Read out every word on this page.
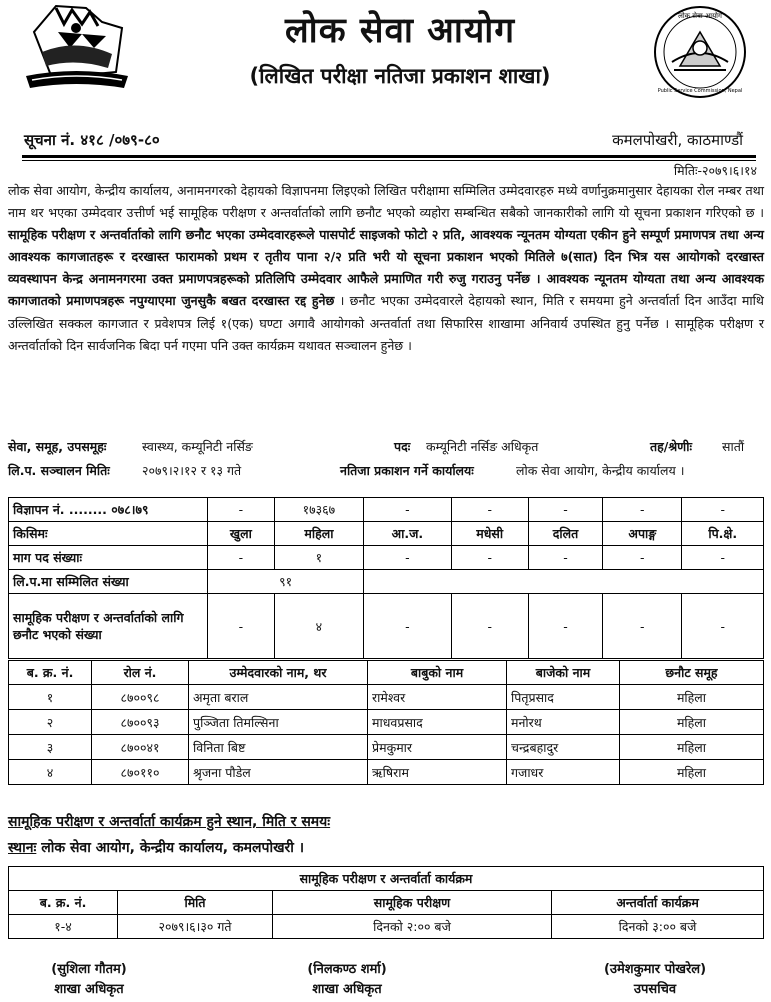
लोक सेवा आयोग
Public Service Commission, Nepal
लोक सेवा आयोग
(लिखित परीक्षा नतिजा प्रकाशन शाखा)
सूचना नं. ४१८ /०७९-८०	कमलपोखरी, काठमाण्डौं
मितिः-२०७९।६।१४
लोक सेवा आयोग, केन्द्रीय कार्यालय, अनामनगरको देहायको विज्ञापनमा लिइएको लिखित परीक्षामा सम्मिलित उम्मेदवारहरु मध्ये वर्णानुक्रमानुसार देहायका रोल नम्बर तथा नाम थर भएका उम्मेदवार उत्तीर्ण भई सामूहिक परीक्षण र अन्तर्वार्ताको लागि छनौट भएको व्यहोरा सम्बन्धित सबैको जानकारीको लागि यो सूचना प्रकाशन गरिएको छ । सामूहिक परीक्षण र अन्तर्वार्ताको लागि छनौट भएका उम्मेदवारहरूले पासपोर्ट साइजको फोटो २ प्रति, आवश्यक न्यूनतम योग्यता एकीन हुने सम्पूर्ण प्रमाणपत्र तथा अन्य आवश्यक कागजातहरू र दरखास्त फारामको प्रथम र तृतीय पाना २/२ प्रति भरी यो सूचना प्रकाशन भएको मितिले ७(सात) दिन भित्र यस आयोगको दरखास्त व्यवस्थापन केन्द्र अनामनगरमा उक्त प्रमाणपत्रहरूको प्रतिलिपि उम्मेदवार आफैले प्रमाणित गरी रुजु गराउनु पर्नेछ । आवश्यक न्यूनतम योग्यता तथा अन्य आवश्यक कागजातको प्रमाणपत्रहरू नपुग्याएमा जुनसुकै बखत दरखास्त रद्द हुनेछ । छनौट भएका उम्मेदवारले देहायको स्थान, मिति र समयमा हुने अन्तर्वार्ता दिन आउँदा माथि उल्लिखित सक्कल कागजात र प्रवेशपत्र लिई १(एक) घण्टा अगावै आयोगको अन्तर्वार्ता तथा सिफारिस शाखामा अनिवार्य उपस्थित हुनु पर्नेछ । सामूहिक परीक्षण र अन्तर्वार्ताको दिन सार्वजनिक बिदा पर्न गएमा पनि उक्त कार्यक्रम यथावत सञ्चालन हुनेछ ।
सेवा, समूह, उपसमूहः	स्वास्थ्य, कम्यूनिटी नर्सिङ	पदः कम्यूनिटी नर्सिङ अधिकृत	तह/श्रेणीः सातौं
लि.प. सञ्चालन मितिः	२०७९।२।१२ र १३ गते	नतिजा प्रकाशन गर्ने कार्यालयः	लोक सेवा आयोग, केन्द्रीय कार्यालय ।
विज्ञापन नं. ........ ०७८।७९	-	१७३६७	-	-	-	-	-
किसिमः	खुला	महिला	आ.ज.	मधेसी	दलित	अपाङ्ग	पि.क्षे.
माग पद संख्याः	-	१	-	-	-	-	-
लि.प.मा सम्मिलित संख्या	९१						
सामूहिक परीक्षण र अन्तर्वार्ताको लागि छनौट भएको संख्या	-	४	-	-	-	-	-
ब. क्र. नं.	रोल नं.	उम्मेदवारको नाम, थर	बाबुको नाम	बाजेको नाम	छनौट समूह
१	८७००९८	अमृता बराल	रामेश्वर	पितृप्रसाद	महिला
२	८७००९३	पुञ्जिता तिमल्सिना	माधवप्रसाद	मनोरथ	महिला
३	८७००४१	विनिता बिष्ट	प्रेमकुमार	चन्द्रबहादुर	महिला
४	८७०११०	श्रृजना पौडेल	ऋषिराम	गजाधर	महिला
सामूहिक परीक्षण र अन्तर्वार्ता कार्यक्रम हुने स्थान, मिति र समयः
स्थानः लोक सेवा आयोग, केन्द्रीय कार्यालय, कमलपोखरी ।
सामूहिक परीक्षण र अन्तर्वार्ता कार्यक्रम			
ब. क्र. नं.	मिति	सामूहिक परीक्षण	अन्तर्वार्ता कार्यक्रम
१-४	२०७९।६।३० गते	दिनको २:०० बजे	दिनको ३:०० बजे
(सुशिला गौतम)
शाखा अधिकृत
(निलकण्ठ शर्मा)
शाखा अधिकृत
(उमेशकुमार पोखरेल)
उपसचिव
